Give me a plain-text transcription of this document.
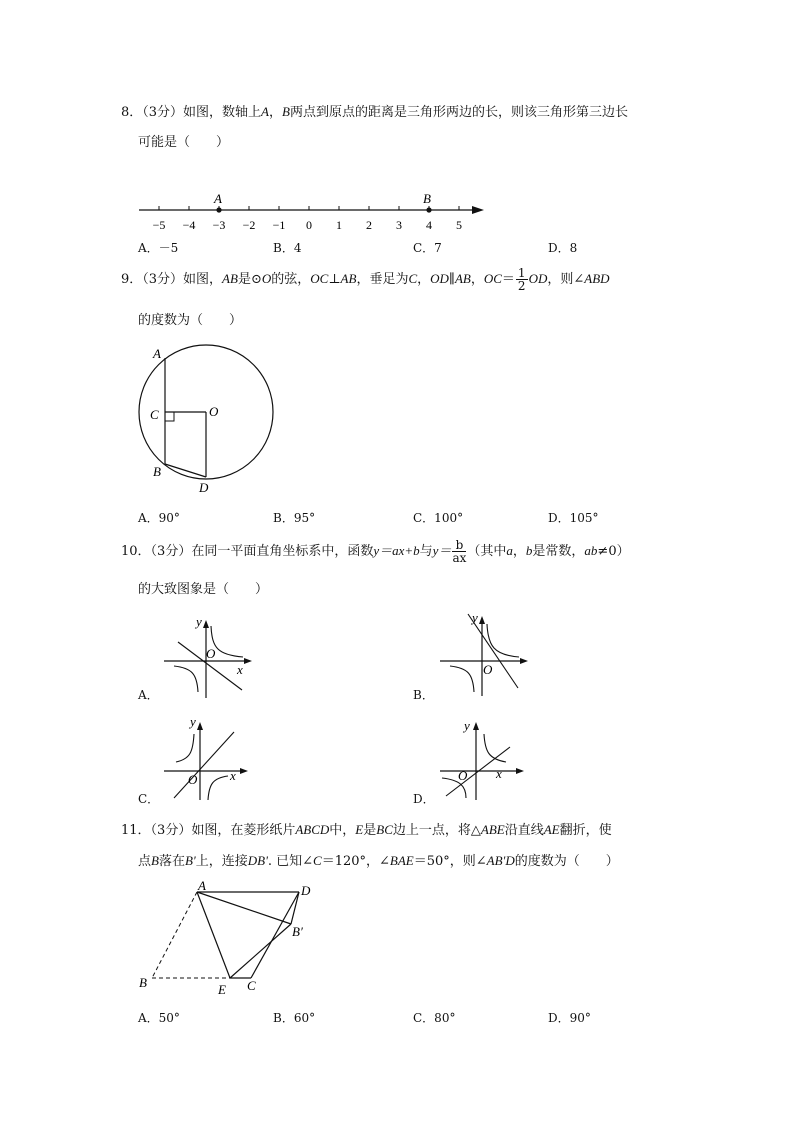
8．（3分）如图，数轴上A，B两点到原点的距离是三角形两边的长，则该三角形第三边长
可能是（　　）
−5 −4 −3 −2 −1 0 1 2 3 4 5
A	B
A．－5	B．4	C．7	D．8
9．（3分）如图，AB是⊙O的弦，OC⊥AB，垂足为C，OD∥AB，$OC= \frac{1}{2}$ OD，则∠ABD
的度数为（　　）
A
C	O
B
D
A．90°	B．95°	C．100°	D．105°
10．（3分）在同一平面直角坐标系中，函数y＝ax+b与$y= \frac{b}{ax}$ （其中a，b是常数，ab≠0）
的大致图象是（　　）
y
O
x
A．
y
O
B．
y
O	x
C．
y
O x
D．
11．（3分）如图，在菱形纸片ABCD中，E是BC边上一点，将△ABE沿直线AE翻折，使
点B落在B'上，连接DB'. 已知∠C＝120°，∠BAE＝50°，则∠AB'D的度数为（　　）
A	D
B′
B	E C
A．50°	B．60°	C．80°	D．90°
